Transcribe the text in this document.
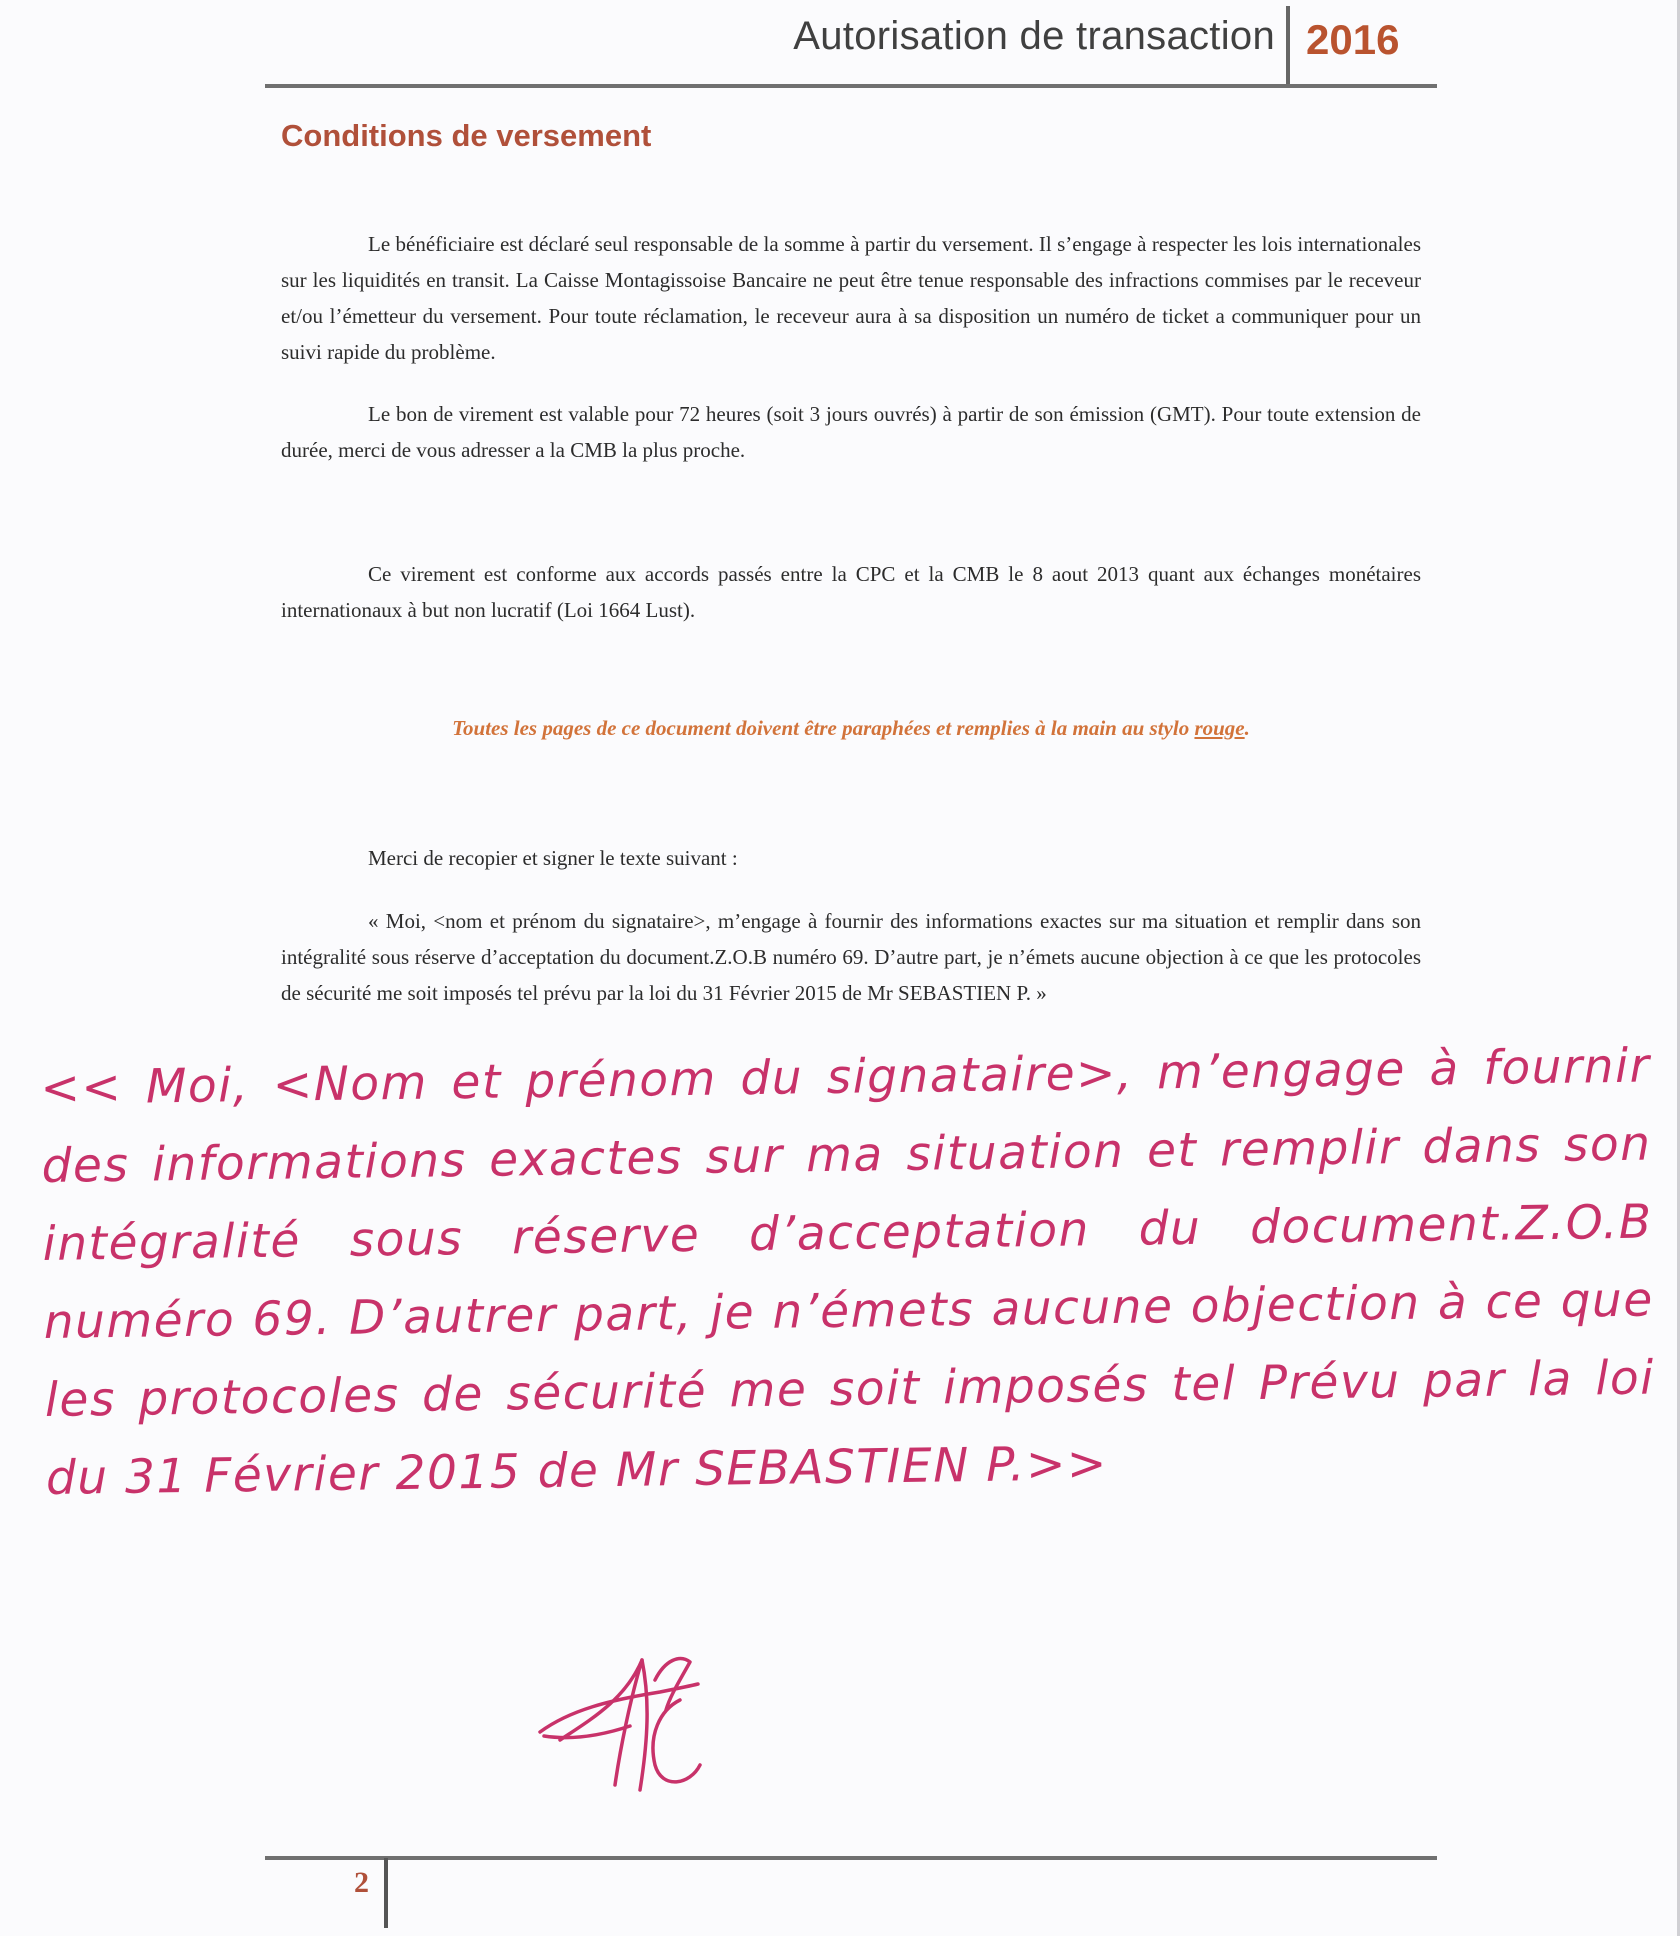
Autorisation de transaction 2016
Conditions de versement

Le bénéficiaire est déclaré seul responsable de la somme à partir du versement. Il s’engage à respecter les lois internationales sur les liquidités en transit. La Caisse Montagissoise Bancaire ne peut être tenue responsable des infractions commises par le receveur et/ou l’émetteur du versement. Pour toute réclamation, le receveur aura à sa disposition un numéro de ticket a communiquer pour un suivi rapide du problème.

Le bon de virement est valable pour 72 heures (soit 3 jours ouvrés) à partir de son émission (GMT). Pour toute extension de durée, merci de vous adresser a la CMB la plus proche.

Ce virement est conforme aux accords passés entre la CPC et la CMB le 8 aout 2013 quant aux échanges monétaires internationaux à but non lucratif (Loi 1664 Lust).

Toutes les pages de ce document doivent être paraphées et remplies à la main au stylo rouge.

Merci de recopier et signer le texte suivant :

« Moi, <nom et prénom du signataire>, m’engage à fournir des informations exactes sur ma situation et remplir dans son intégralité sous réserve d’acceptation du document.Z.O.B numéro 69. D’autre part, je n’émets aucune objection à ce que les protocoles de sécurité me soit imposés tel prévu par la loi du 31 Février 2015 de Mr SEBASTIEN P. »

<< Moi, <Nom et prénom du signataire>, m’engage à fournir des informations exactes sur ma situation et remplir dans son intégralité sous réserve d’acceptation du document.Z.O.B numéro 69. D’autrer part, je n’émets aucune objection à ce que les protocoles de sécurité me soit imposés tel Prévu par la loi du 31 Février 2015 de Mr SEBASTIEN P.>>
2
